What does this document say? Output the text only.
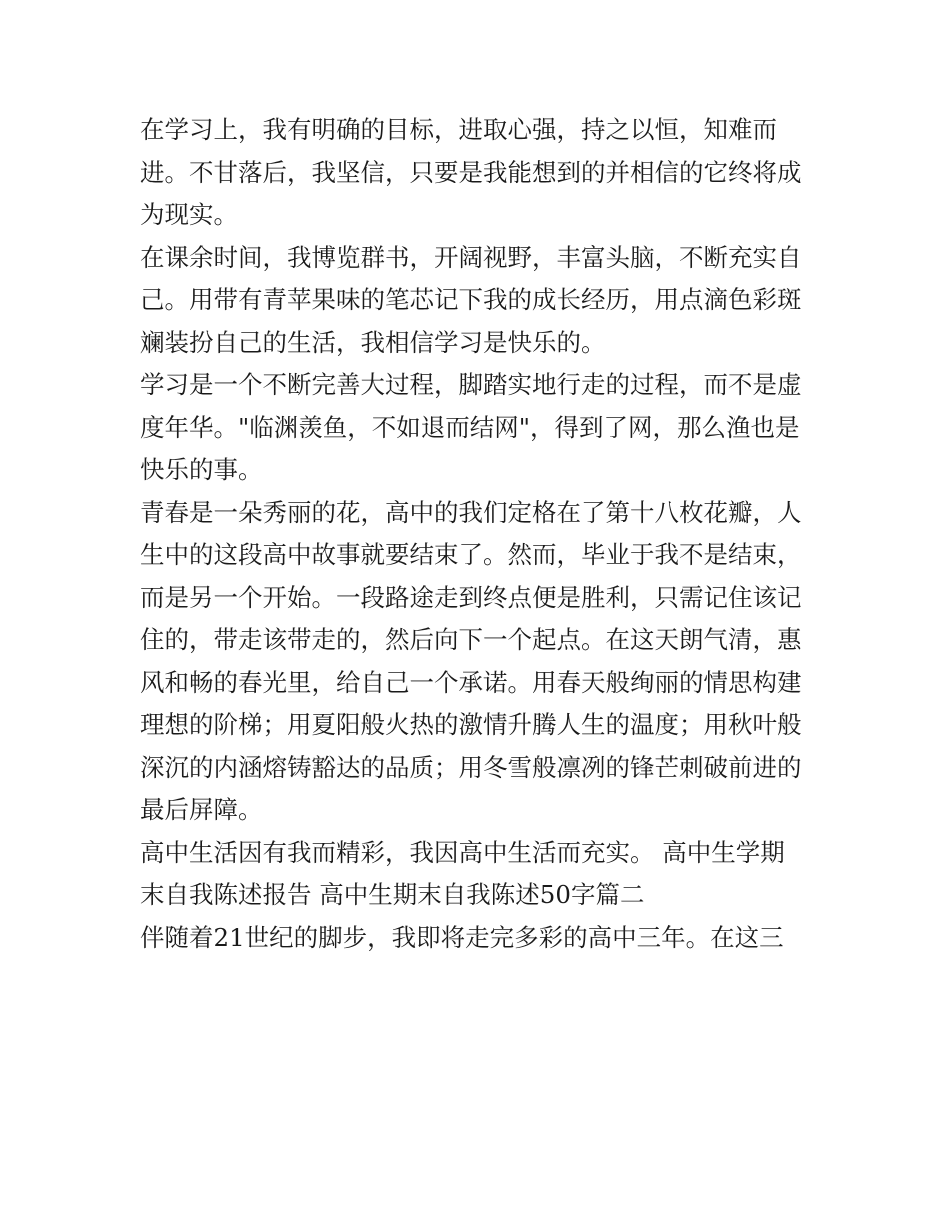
在学习上，我有明确的目标，进取心强，持之以恒，知难而
进。不甘落后，我坚信，只要是我能想到的并相信的它终将成
为现实。

在课余时间，我博览群书，开阔视野，丰富头脑，不断充实自
己。用带有青苹果味的笔芯记下我的成长经历，用点滴色彩斑
斓装扮自己的生活，我相信学习是快乐的。

学习是一个不断完善大过程，脚踏实地行走的过程，而不是虚
度年华。"临渊羡鱼，不如退而结网"，得到了网，那么渔也是
快乐的事。

青春是一朵秀丽的花，高中的我们定格在了第十八枚花瓣，人
生中的这段高中故事就要结束了。然而，毕业于我不是结束，
而是另一个开始。一段路途走到终点便是胜利，只需记住该记
住的，带走该带走的，然后向下一个起点。在这天朗气清，惠
风和畅的春光里，给自己一个承诺。用春天般绚丽的情思构建
理想的阶梯；用夏阳般火热的激情升腾人生的温度；用秋叶般
深沉的内涵熔铸豁达的品质；用冬雪般凛冽的锋芒刺破前进的
最后屏障。

高中生活因有我而精彩，我因高中生活而充实。 高中生学期
末自我陈述报告 高中生期末自我陈述50字篇二

伴随着21世纪的脚步，我即将走完多彩的高中三年。在这三
